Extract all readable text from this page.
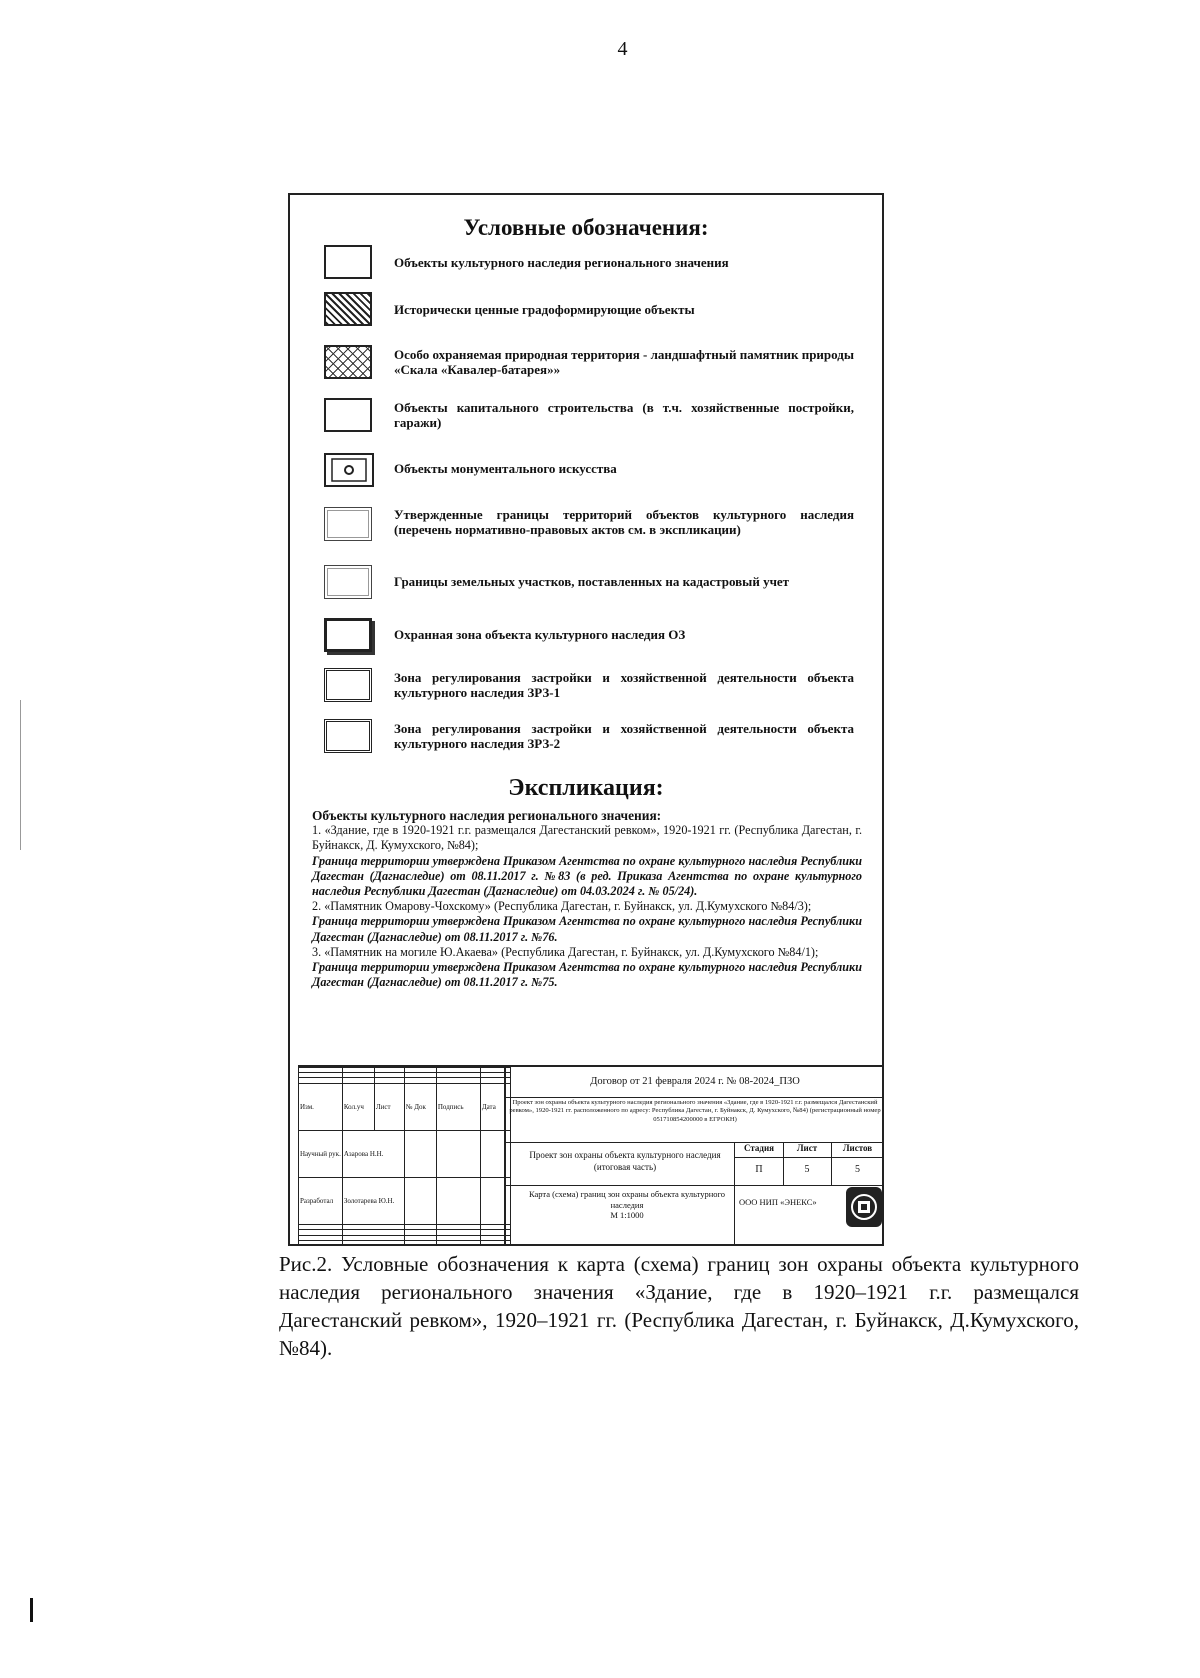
4
Условные обозначения:
Объекты культурного наследия регионального значения
Исторически ценные градоформирующие объекты
Особо охраняемая природная территория - ландшафтный памятник природы «Скала «Кавалер-батарея»»
Объекты капитального строительства (в т.ч. хозяйственные постройки, гаражи)
Объекты монументального искусства
Утвержденные границы территорий объектов культурного наследия (перечень нормативно-правовых актов см. в экспликации)
Границы земельных участков, поставленных на кадастровый учет
Охранная зона объекта культурного наследия ОЗ
Зона регулирования застройки и хозяйственной деятельности объекта культурного наследия ЗРЗ-1
Зона регулирования застройки и хозяйственной деятельности объекта культурного наследия ЗРЗ-2
Экспликация:
Объекты культурного наследия регионального значения:
1. «Здание, где в 1920-1921 г.г. размещался Дагестанский ревком», 1920-1921 гг. (Республика Дагестан, г. Буйнакск, Д. Кумухского, №84);
Граница территории утверждена Приказом Агентства по охране культурного наследия Республики Дагестан (Дагнаследие) от 08.11.2017 г. №83 (в ред. Приказа Агентства по охране культурного наследия Республики Дагестан (Дагнаследие) от 04.03.2024 г. № 05/24).
2. «Памятник Омарову-Чохскому» (Республика Дагестан, г. Буйнакск, ул. Д.Кумухского №84/3);
Граница территории утверждена Приказом Агентства по охране культурного наследия Республики Дагестан (Дагнаследие) от 08.11.2017 г. №76.
3. «Памятник на могиле Ю.Акаева» (Республика Дагестан, г. Буйнакск, ул. Д.Кумухского №84/1);
Граница территории утверждена Приказом Агентства по охране культурного наследия Республики Дагестан (Дагнаследие) от 08.11.2017 г. №75.

Изм.	Кол.уч	Лист	№ Док	Подпись	Дата
Научный рук.	Азарова Н.Н.				
Разработал	Золотарева Ю.Н.				

Договор от 21 февраля 2024 г. № 08-2024_ПЗО
Проект зон охраны объекта культурного наследия регионального значения «Здание, где в 1920-1921 г.г. размещался Дагестанский ревком», 1920-1921 гг. расположенного по адресу: Республика Дагестан, г. Буйнакск, Д. Кумухского, №84) (регистрационный номер 051710854200000 в ЕГРОКН)
Проект зон охраны объекта культурного наследия (итоговая часть)
Стадия	Лист	Листов
П	5	5
Карта (схема) границ зон охраны объекта культурного наследия
М 1:1000
ООО НИП «ЭНЕКС»
Рис.2. Условные обозначения к карта (схема) границ зон охраны объекта культурного наследия регионального значения «Здание, где в 1920–1921 г.г. размещался Дагестанский ревком», 1920–1921 гг. (Республика Дагестан, г. Буйнакск, Д.Кумухского, №84).
